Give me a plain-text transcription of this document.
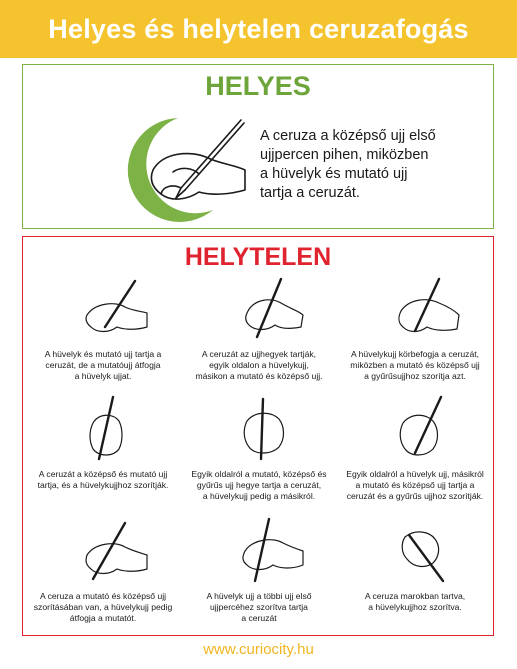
Helyes és helytelen ceruzafogás
HELYES
A ceruza a középső ujj első
ujjpercen pihen, miközben
a hüvelyk és mutató ujj
tartja a ceruzát.
HELYTELEN

A hüvelyk és mutató ujj tartja a
ceruzát, de a mutatóujj átfogja
a hüvelyk ujjat.

A ceruzát az ujjhegyek tartják,
egyik oldalon a hüvelykujj,
másikon a mutató és középső ujj.

A hüvelykujj körbefogja a ceruzát,
miközben a mutató és középső ujj
a gyűrűsujjhoz szorítja azt.

A ceruzát a középső és mutató ujj
tartja, és a hüvelykujjhoz szorítják.

Egyik oldalról a mutató, középső és
gyűrűs ujj hegye tartja a ceruzát,
a hüvelykujj pedig a másikról.

Egyik oldalról a hüvelyk ujj, másikról
a mutató és középső ujj tartja a
ceruzát és a gyűrűs ujjhoz szorítják.

A ceruza a mutató és középső ujj
szorításában van, a hüvelykujj pedig
átfogja a mutatót.

A hüvelyk ujj a többi ujj első
ujjpercéhez szorítva tartja
a ceruzát

A ceruza marokban tartva,
a hüvelykujjhoz szorítva.

www.curiocity.hu
